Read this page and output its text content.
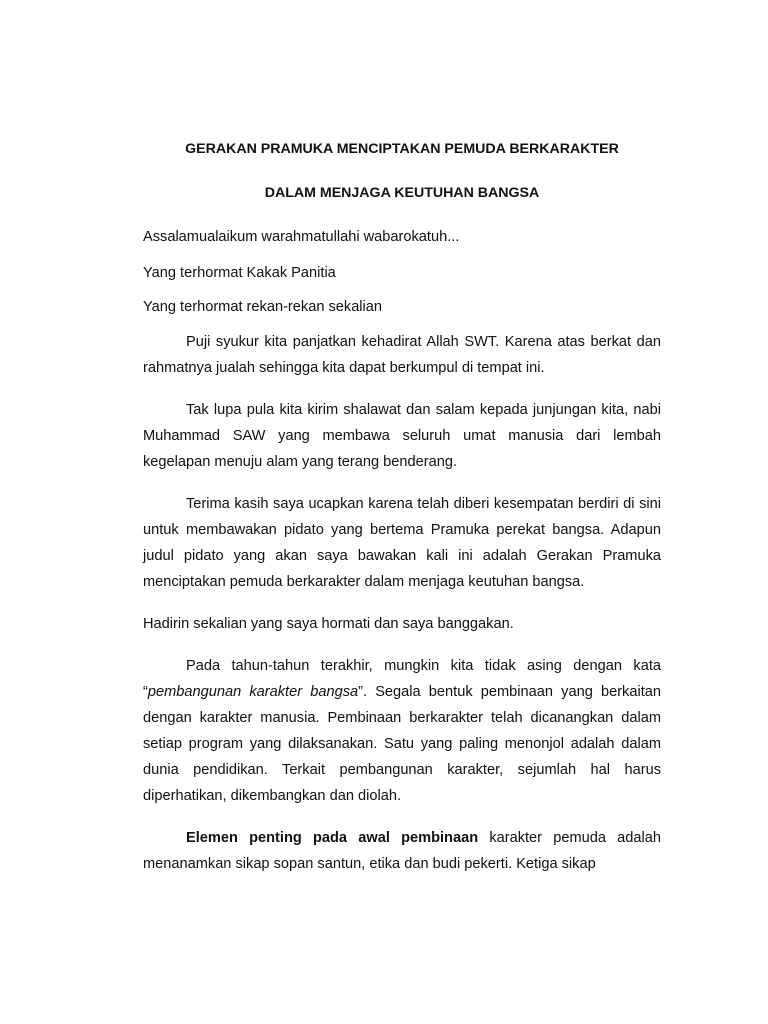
GERAKAN PRAMUKA MENCIPTAKAN PEMUDA BERKARAKTER

DALAM MENJAGA KEUTUHAN BANGSA

Assalamualaikum warahmatullahi wabarokatuh...

Yang terhormat Kakak Panitia

Yang terhormat rekan-rekan sekalian

Puji syukur kita panjatkan kehadirat Allah SWT. Karena atas berkat dan rahmatnya jualah sehingga kita dapat berkumpul di tempat ini.

Tak lupa pula kita kirim shalawat dan salam kepada junjungan kita, nabi Muhammad SAW yang membawa seluruh umat manusia dari lembah kegelapan menuju alam yang terang benderang.

Terima kasih saya ucapkan karena telah diberi kesempatan berdiri di sini untuk membawakan pidato yang bertema Pramuka perekat bangsa. Adapun judul pidato yang akan saya bawakan kali ini adalah Gerakan Pramuka menciptakan pemuda berkarakter dalam menjaga keutuhan bangsa.

Hadirin sekalian yang saya hormati dan saya banggakan.

Pada tahun-tahun terakhir, mungkin kita tidak asing dengan kata “pembangunan karakter bangsa”. Segala bentuk pembinaan yang berkaitan dengan karakter manusia. Pembinaan berkarakter telah dicanangkan dalam setiap program yang dilaksanakan. Satu yang paling menonjol adalah dalam dunia pendidikan. Terkait pembangunan karakter, sejumlah hal harus diperhatikan, dikembangkan dan diolah.

Elemen penting pada awal pembinaan karakter pemuda adalah menanamkan sikap sopan santun, etika dan budi pekerti. Ketiga sikap
